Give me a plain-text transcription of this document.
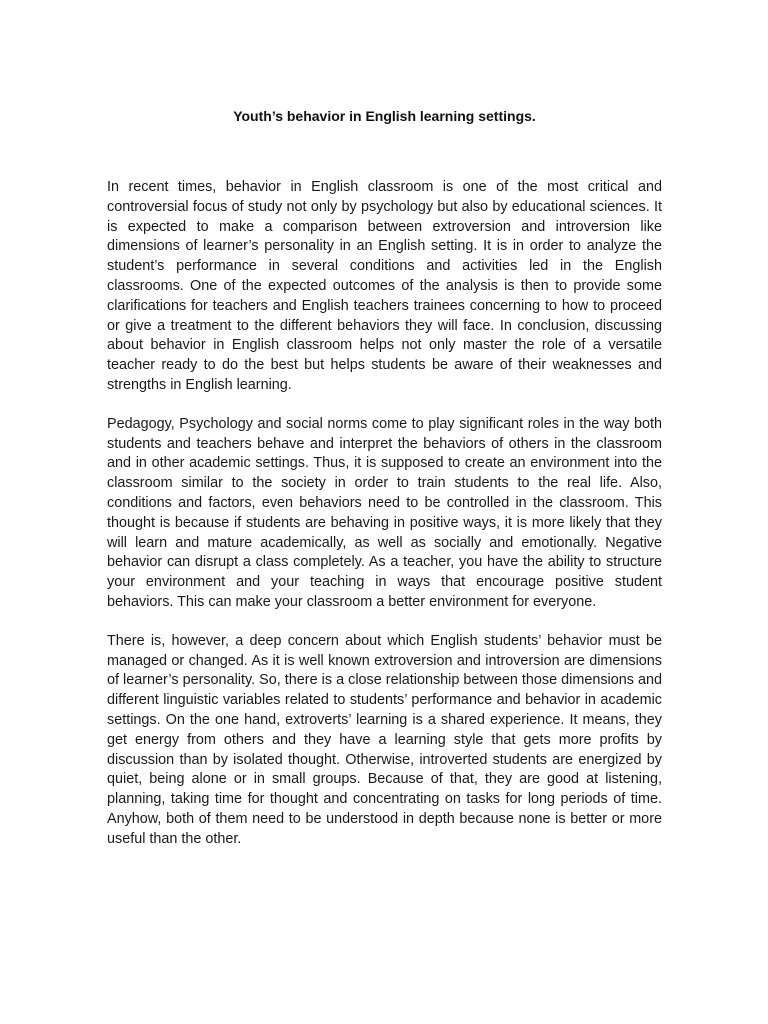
Youth’s behavior in English learning settings.

In recent times, behavior in English classroom is one of the most critical and controversial focus of study not only by psychology but also by educational sciences. It is expected to make a comparison between extroversion and introversion like dimensions of learner’s personality in an English setting. It is in order to analyze the student’s performance in several conditions and activities led in the English classrooms. One of the expected outcomes of the analysis is then to provide some clarifications for teachers and English teachers trainees concerning to how to proceed or give a treatment to the different behaviors they will face. In conclusion, discussing about behavior in English classroom helps not only master the role of a versatile teacher ready to do the best but helps students be aware of their weaknesses and strengths in English learning.

Pedagogy, Psychology and social norms come to play significant roles in the way both students and teachers behave and interpret the behaviors of others in the classroom and in other academic settings. Thus, it is supposed to create an environment into the classroom similar to the society in order to train students to the real life. Also, conditions and factors, even behaviors need to be controlled in the classroom. This thought is because if students are behaving in positive ways, it is more likely that they will learn and mature academically, as well as socially and emotionally. Negative behavior can disrupt a class completely. As a teacher, you have the ability to structure your environment and your teaching in ways that encourage positive student behaviors. This can make your classroom a better environment for everyone.

There is, however, a deep concern about which English students’ behavior must be managed or changed. As it is well known extroversion and introversion are dimensions of learner’s personality. So, there is a close relationship between those dimensions and different linguistic variables related to students’ performance and behavior in academic settings. On the one hand, extroverts’ learning is a shared experience. It means, they get energy from others and they have a learning style that gets more profits by discussion than by isolated thought. Otherwise, introverted students are energized by quiet, being alone or in small groups. Because of that, they are good at listening, planning, taking time for thought and concentrating on tasks for long periods of time. Anyhow, both of them need to be understood in depth because none is better or more useful than the other.
